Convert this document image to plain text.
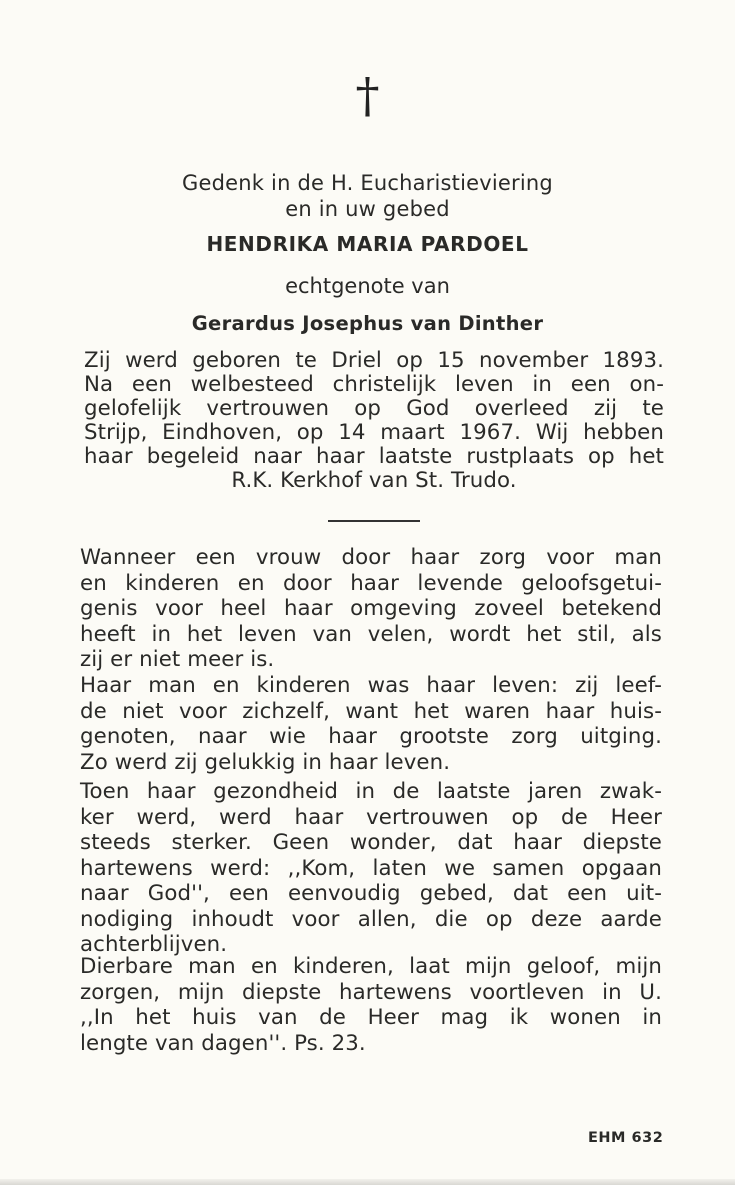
†
Gedenk in de H. Eucharistieviering
en in uw gebed
HENDRIKA MARIA PARDOEL
echtgenote van
Gerardus Josephus van Dinther
Zij werd geboren te Driel op 15 november 1893.
Na een welbesteed christelijk leven in een on-
gelofelijk vertrouwen op God overleed zij te
Strijp, Eindhoven, op 14 maart 1967. Wij hebben
haar begeleid naar haar laatste rustplaats op het
R.K. Kerkhof van St. Trudo.
Wanneer een vrouw door haar zorg voor man
en kinderen en door haar levende geloofsgetui-
genis voor heel haar omgeving zoveel betekend
heeft in het leven van velen, wordt het stil, als
zij er niet meer is.
Haar man en kinderen was haar leven: zij leef-
de niet voor zichzelf, want het waren haar huis-
genoten, naar wie haar grootste zorg uitging.
Zo werd zij gelukkig in haar leven.
Toen haar gezondheid in de laatste jaren zwak-
ker werd, werd haar vertrouwen op de Heer
steeds sterker. Geen wonder, dat haar diepste
hartewens werd: ,,Kom, laten we samen opgaan
naar God'', een eenvoudig gebed, dat een uit-
nodiging inhoudt voor allen, die op deze aarde
achterblijven.
Dierbare man en kinderen, laat mijn geloof, mijn
zorgen, mijn diepste hartewens voortleven in U.
,,In het huis van de Heer mag ik wonen in
lengte van dagen''. Ps. 23.
EHM 632
